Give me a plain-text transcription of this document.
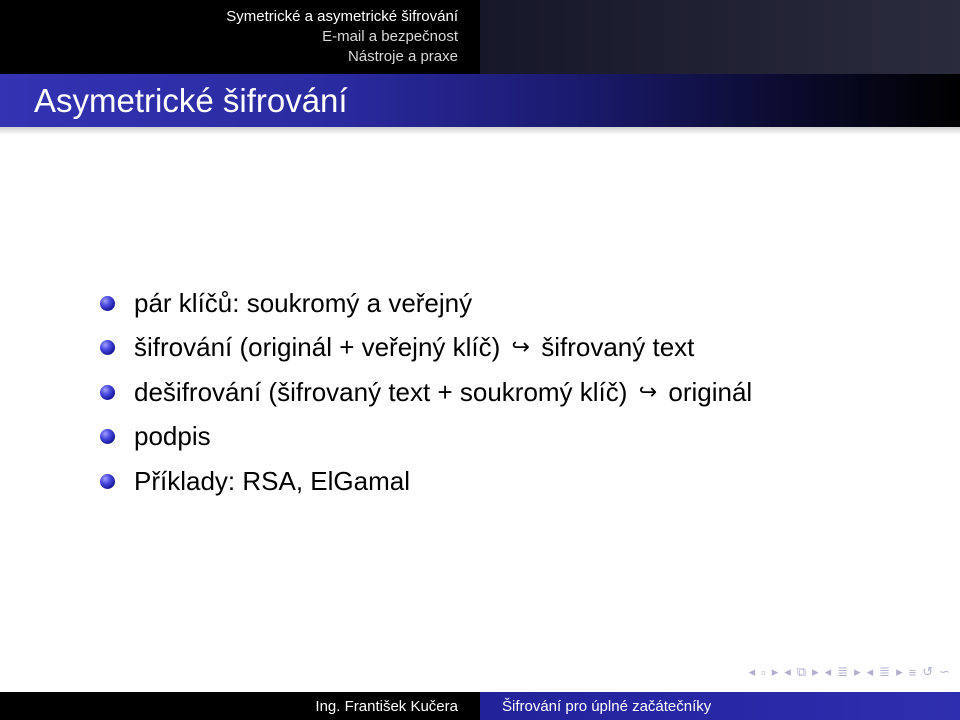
Symetrické a asymetrické šifrování
E-mail a bezpečnost
Nástroje a praxe
Asymetrické šifrování
pár klíčů: soukromý a veřejný
šifrování (originál + veřejný klíč) ↪ šifrovaný text
dešifrování (šifrovaný text + soukromý klíč) ↪ originál
podpis
Příklady: RSA, ElGamal
◂ ▫ ▸ ◂ ⧉ ▸ ◂ ≣ ▸ ◂ ≣ ▸ ≡ ↺ ∽
Ing. František Kučera	Šifrování pro úplné začátečníky
